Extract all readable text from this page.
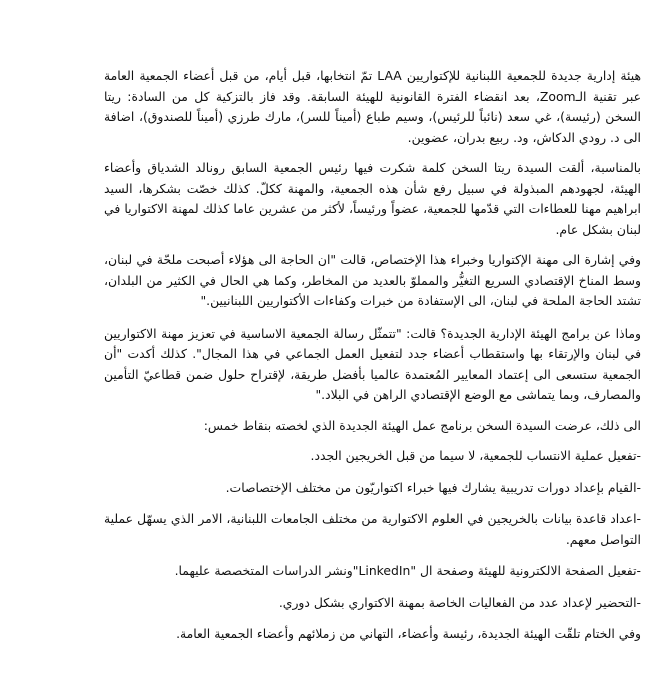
هيئة إدارية جديدة للجمعية اللبنانية للإكتواريين LAA تمّ انتخابها، قبل أيام، من قبل أعضاء الجمعية العامة عبر تقنية الـZoom، بعد انقضاء الفترة القانونية للهيئة السابقة. وقد فاز بالتزكية كل من السادة: ريتا السخن (رئيسة)، غي سعد (نائباً للرئيس)، وسيم طباع (أميناً للسر)، مارك طرزي (أميناً للصندوق)، اضافة الى د. رودي الدكاش، ود. ربيع بدران، عضوين.

بالمناسبة، ألقت السيدة ريتا السخن كلمة شكرت فيها رئيس الجمعية السابق رونالد الشدياق وأعضاء الهيئة، لجهودهم المبذولة في سبيل رفع شأن هذه الجمعية، والمهنة ككلّ. كذلك خصّت بشكرها، السيد ابراهيم مهنا للعطاءات التي قدّمها للجمعية، عضواً ورئيساً، لأكثر من عشرين عاما كذلك لمهنة الاكتواريا في لبنان بشكل عام.

وفي إشارة الى مهنة الإكتواريا وخبراء هذا الإختصاص، قالت "ان الحاجة الى هؤلاء أصبحت ملحّة في لبنان، وسط المناخ الإقتصادي السريع التغيُّر والمملوّ بالعديد من المخاطر، وكما هي الحال في الكثير من البلدان، تشتد الحاجة الملحة في لبنان، الى الإستفادة من خبرات وكفاءات الأكتواريين اللبنانيين."

وماذا عن برامج الهيئة الإدارية الجديدة؟ قالت: "تتمثّل رسالة الجمعية الاساسية في تعزيز مهنة الاكتواريين في لبنان والإرتقاء بها واستقطاب أعضاء جدد لتفعيل العمل الجماعي في هذا المجال". كذلك أكدت "أن الجمعية ستسعى الى إعتماد المعايير المُعتمدة عالميا بأفضل طريقة، لإقتراح حلول ضمن قطاعيّ التأمين والمصارف، وبما يتماشى مع الوضع الإقتصادي الراهن في البلاد."

الى ذلك، عرضت السيدة السخن برنامج عمل الهيئة الجديدة الذي لخصته بنقاط خمس:

-تفعيل عملية الانتساب للجمعية، لا سيما من قبل الخريجين الجدد.

-القيام بإعداد دورات تدريبية يشارك فيها خبراء اكتواريّون من مختلف الإختصاصات.

-اعداد قاعدة بيانات بالخريجين في العلوم الاكتوارية من مختلف الجامعات اللبنانية، الامر الذي يسهّل عملية التواصل معهم.

-تفعيل الصفحة الالكترونية للهيئة وصفحة ال "LinkedIn"ونشر الدراسات المتخصصة عليهما.

-التحضير لإعداد عدد من الفعاليات الخاصة بمهنة الاكتواري بشكل دوري.

وفي الختام تلقّت الهيئة الجديدة، رئيسة وأعضاء، التهاني من زملائهم وأعضاء الجمعية العامة.
